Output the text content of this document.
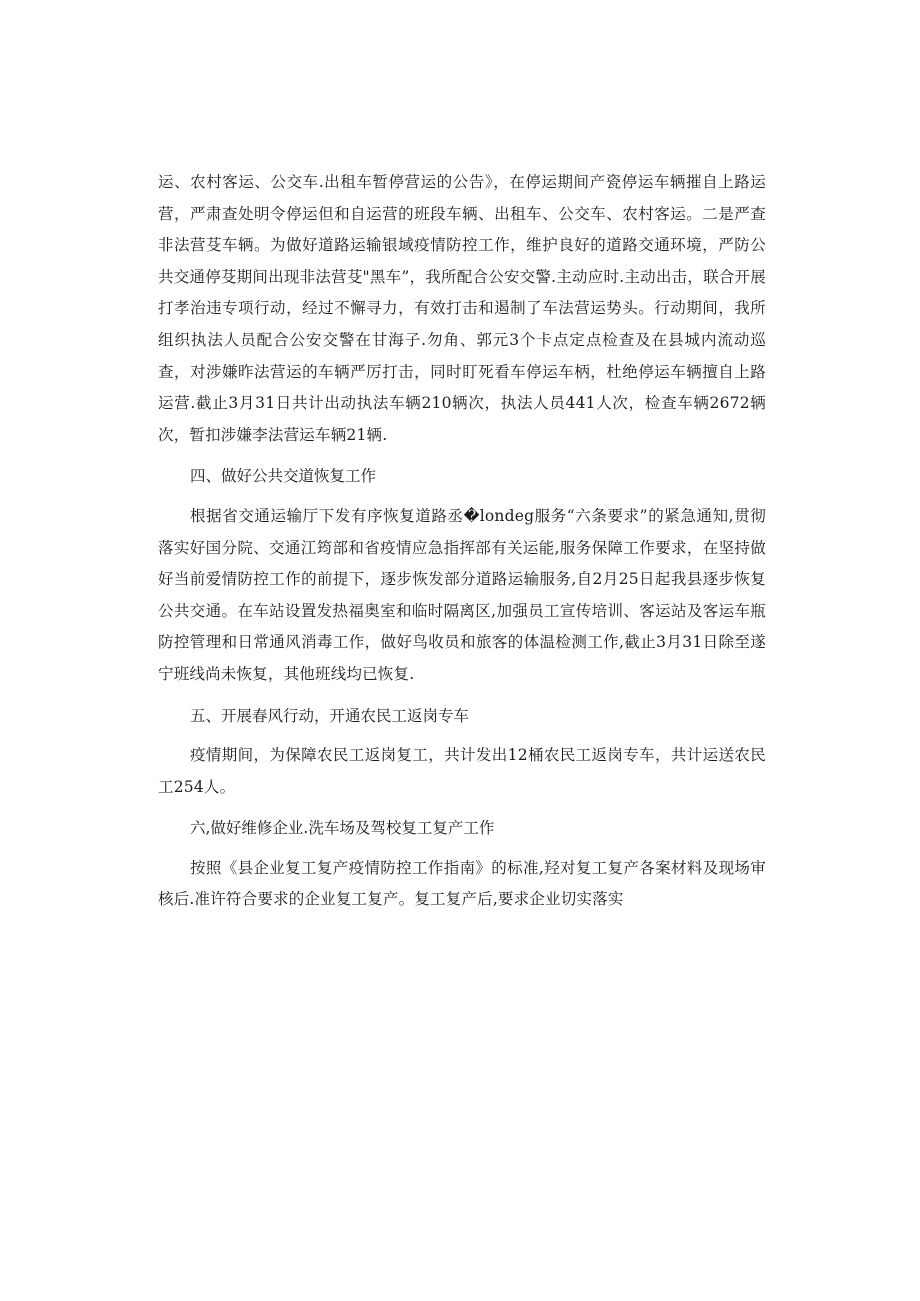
运、农村客运、公交车.出租车暂停营运的公告》，在停运期间产瓷停运车辆摧自上路运营，严肃查处明令停运但和自运营的班段车辆、出租车、公交车、农村客运。二是严查非法营芟车辆。为做好道路运输银域疫情防控工作，维护良好的道路交通环境，严防公共交通停芟期间出现非法营芟"黑车”，我所配合公安交警.主动应时.主动出击，联合开展打孝治违专项行动，经过不懈寻力，有效打击和遏制了车法营运势头。行动期间，我所组织执法人员配合公安交警在甘海子.勿角、郭元3个卡点定点检查及在县城内流动巡查，对涉嫌昨法营运的车辆严厉打击，同时盯死看车停运车柄，杜绝停运车辆擅自上路运营.截止3月31日共计出动执法车辆210辆次，执法人员441人次，检查车辆2672辆次，暂扣涉嫌李法营运车辆21辆.

四、做好公共交道恢复工作

根据省交通运输厅下发有序恢复道路丞�londeg服务“六条要求”的紧急通知,贯彻落实好国分院、交通江筠部和省疫情应急指挥部有关运能,服务保障工作要求，在坚持做好当前爱情防控工作的前提下，逐步恢发部分道路运输服务,自2月25日起我县逐步恢复公共交通。在车站设置发热福奥室和临时隔离区,加强员工宣传培训、客运站及客运车瓶防控管理和日常通风消毒工作，做好鸟收员和旅客的体温检测工作,截止3月31日除至遂宁班线尚未恢复，其他班线均已恢复.

五、开展春风行动，开通农民工返岗专车

疫情期间，为保障农民工返岗复工，共计发出12桶农民工返岗专车，共计运送农民工254人。

六,做好维修企业.洗车场及驾校复工复产工作

按照《县企业复工复产疫情防控工作指南》的标准,羟对复工复产各案材料及现场审核后.准许符合要求的企业复工复产。复工复产后,要求企业切实落实
